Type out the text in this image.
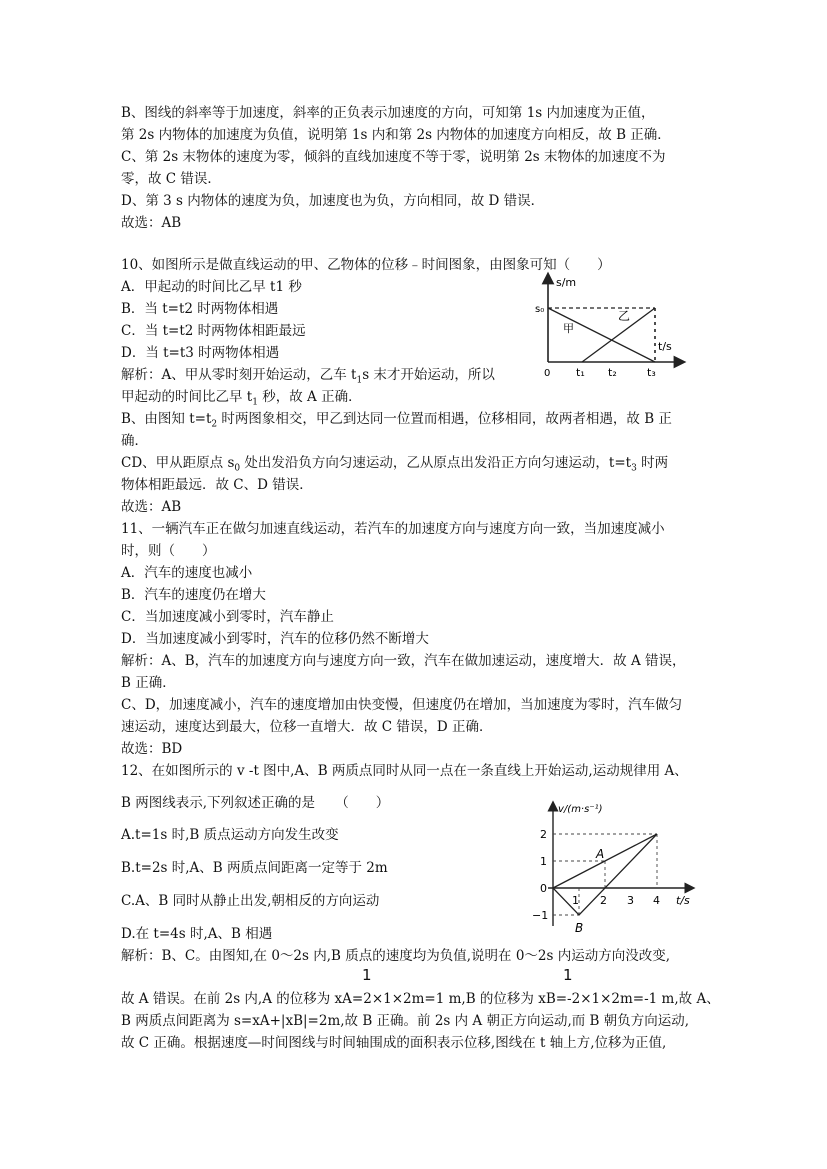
B、图线的斜率等于加速度，斜率的正负表示加速度的方向，可知第 1s 内加速度为正值，
第 2s 内物体的加速度为负值，说明第 1s 内和第 2s 内物体的加速度方向相反，故 B 正确．
C、第 2s 末物体的速度为零，倾斜的直线加速度不等于零，说明第 2s 末物体的加速度不为
零，故 C 错误．
D、第 3 s 内物体的速度为负，加速度也为负，方向相同，故 D 错误．
故选：AB
10、如图所示是做直线运动的甲、乙物体的位移﹣时间图象，由图象可知（　　）
A．甲起动的时间比乙早 t1 秒
B．当 t=t2 时两物体相遇
C．当 t=t2 时两物体相距最远
D．当 t=t3 时两物体相遇
解析：A、甲从零时刻开始运动，乙车 $t_1s$ 末才开始运动，所以
甲起动的时间比乙早 $t_1$ 秒，故 A 正确．
B、由图知 $t=t_2$ 时两图象相交，甲乙到达同一位置而相遇，位移相同，故两者相遇，故 B 正
确．
CD、甲从距原点 $s_0$ 处出发沿负方向匀速运动，乙从原点出发沿正方向匀速运动，$t=t_3$ 时两
物体相距最远．故 C、D 错误．
故选：AB
s/m
t/s
s₀
甲
乙
0 t₁ t₂	t₃
11、一辆汽车正在做匀加速直线运动，若汽车的加速度方向与速度方向一致，当加速度减小
时，则（　　）
A．汽车的速度也减小
B．汽车的速度仍在增大
C．当加速度减小到零时，汽车静止
D．当加速度减小到零时，汽车的位移仍然不断增大
解析：A、B，汽车的加速度方向与速度方向一致，汽车在做加速运动，速度增大．故 A 错误，
B 正确．
C、D，加速度减小，汽车的速度增加由快变慢，但速度仍在增加，当加速度为零时，汽车做匀
速运动，速度达到最大，位移一直增大．故 C 错误，D 正确．
故选：BD
12、在如图所示的 v -t 图中,A、B 两质点同时从同一点在一条直线上开始运动,运动规律用 A、
B 两图线表示,下列叙述正确的是　　（　　）
A.t=1s 时,B 质点运动方向发生改变
B.t=2s 时,A、B 两质点间距离一定等于 2m
C.A、B 同时从静止出发,朝相反的方向运动
D.在 t=4s 时,A、B 相遇
解析：B、C。由图知,在 0～2s 内,B 质点的速度均为负值,说明在 0～2s 内运动方向没改变,
1	1
故 A 错误。在前 2s 内,A 的位移为 xA=2×1×2m=1 m,B 的位移为 xB=-2×1×2m=-1 m,故 A、
B 两质点间距离为 s=xA+|xB|=2m,故 B 正确。前 2s 内 A 朝正方向运动,而 B 朝负方向运动,
故 C 正确。根据速度—时间图线与时间轴围成的面积表示位移,图线在 t 轴上方,位移为正值,
v/(m·s⁻¹)
t/s
2
1
0
−1
1 2 3 4
A
B
